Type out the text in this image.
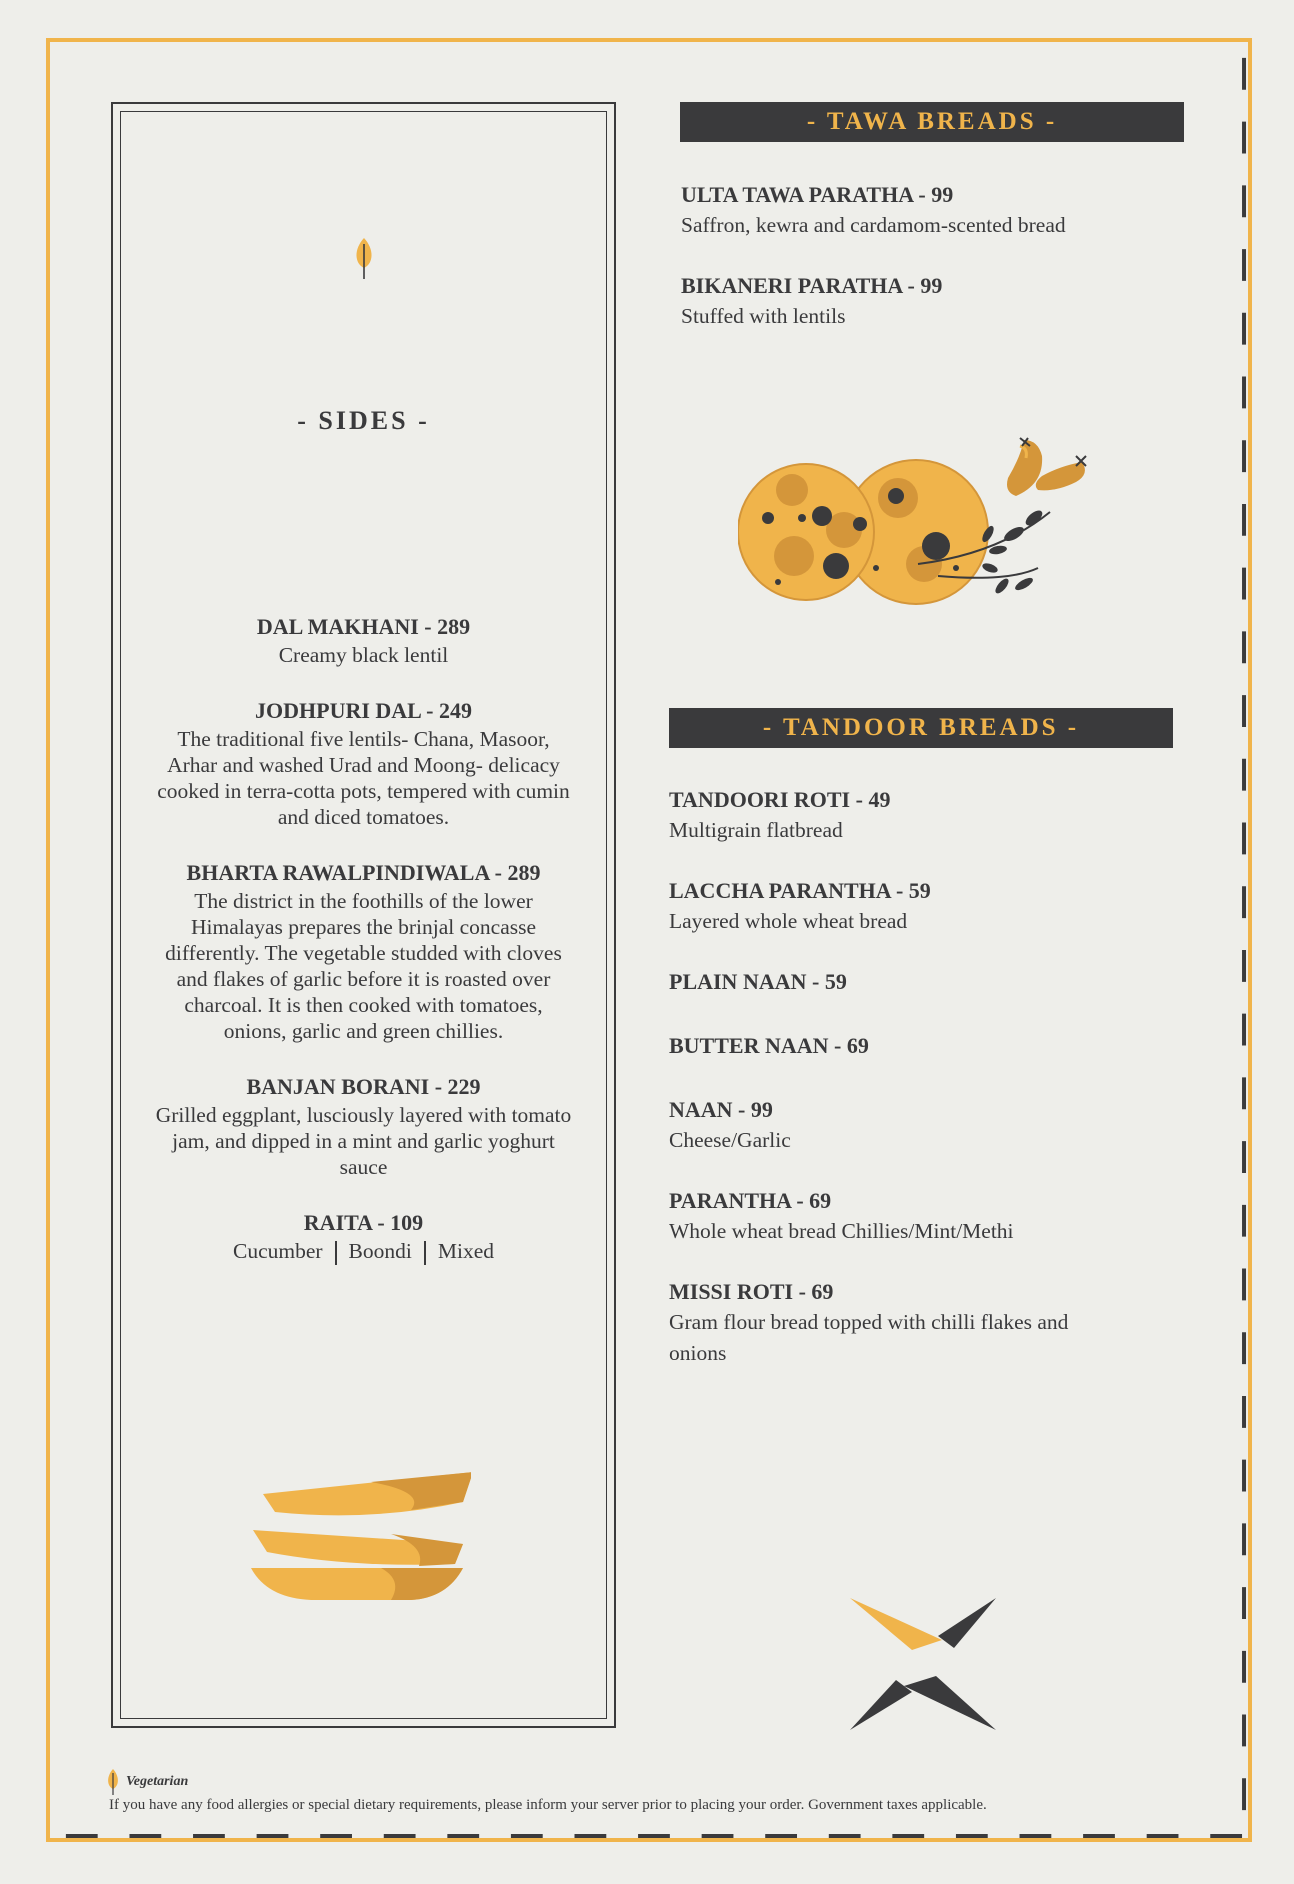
- SIDES -
DAL MAKHANI - 289
Creamy black lentil
JODHPURI DAL - 249
The traditional five lentils- Chana, Masoor, Arhar and washed Urad and Moong- delicacy cooked in terra-cotta pots, tempered with cumin and diced tomatoes.
BHARTA RAWALPINDIWALA - 289
The district in the foothills of the lower Himalayas prepares the brinjal concasse differently. The vegetable studded with cloves and flakes of garlic before it is roasted over charcoal. It is then cooked with tomatoes, onions, garlic and green chillies.
BANJAN BORANI - 229
Grilled eggplant, lusciously layered with tomato jam, and dipped in a mint and garlic yoghurt sauce
RAITA - 109
Cucumber Boondi Mixed
- TAWA BREADS -
ULTA TAWA PARATHA - 99
Saffron, kewra and cardamom-scented bread
BIKANERI PARATHA - 99
Stuffed with lentils
- TANDOOR BREADS -
TANDOORI ROTI - 49
Multigrain flatbread
LACCHA PARANTHA - 59
Layered whole wheat bread
PLAIN NAAN - 59
BUTTER NAAN - 69
NAAN - 99
Cheese/Garlic
PARANTHA - 69
Whole wheat bread Chillies/Mint/Methi
MISSI ROTI - 69
Gram flour bread topped with chilli flakes and onions
Vegetarian
If you have any food allergies or special dietary requirements, please inform your server prior to placing your order. Government taxes applicable.
